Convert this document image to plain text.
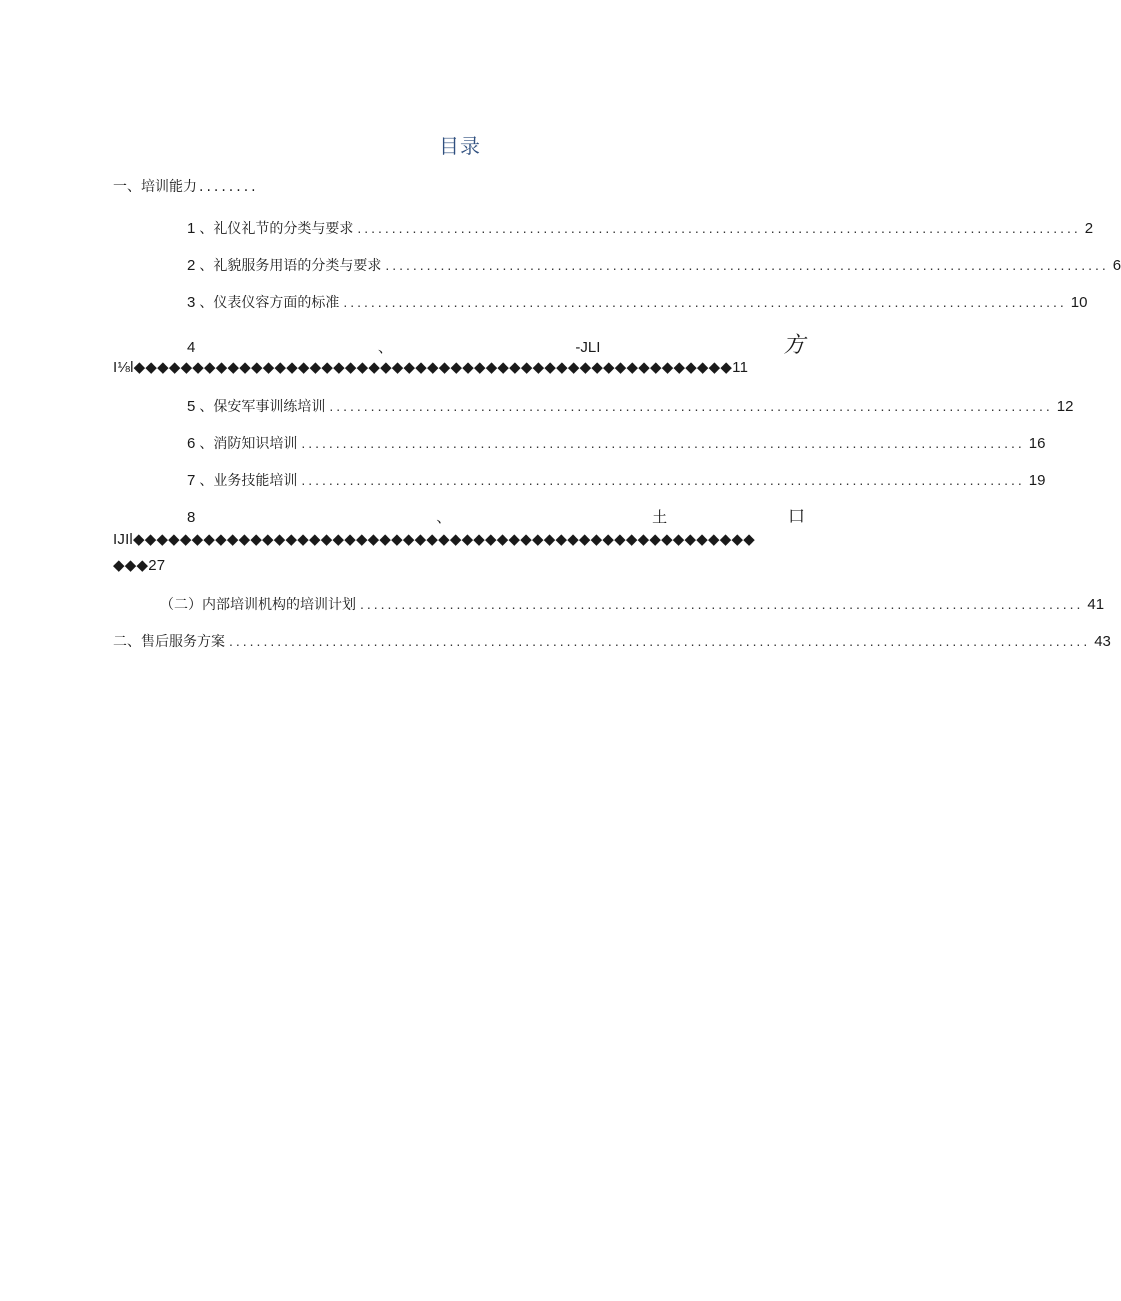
目录
一、培训能力 ........
1 、礼仪礼节的分类与要求 ......................................................................................................... 2
2 、礼貌服务用语的分类与要求 ......................................................................................................... 6
3 、仪表仪容方面的标准 ......................................................................................................... 10
4	、	-JLI	方
I⅛l◆◆◆◆◆◆◆◆◆◆◆◆◆◆◆◆◆◆◆◆◆◆◆◆◆◆◆◆◆◆◆◆◆◆◆◆◆◆◆◆◆◆◆◆◆◆◆◆◆◆◆11
5 、保安军事训练培训 ......................................................................................................... 12
6 、消防知识培训 ......................................................................................................... 16
7 、业务技能培训 ......................................................................................................... 19
8	、	土	口
IJIl◆◆◆◆◆◆◆◆◆◆◆◆◆◆◆◆◆◆◆◆◆◆◆◆◆◆◆◆◆◆◆◆◆◆◆◆◆◆◆◆◆◆◆◆◆◆◆◆◆◆◆◆◆
◆◆◆27
（二）内部培训机构的培训计划 ......................................................................................................... 41
二、售后服务方案 ............................................................................................................................. 43
